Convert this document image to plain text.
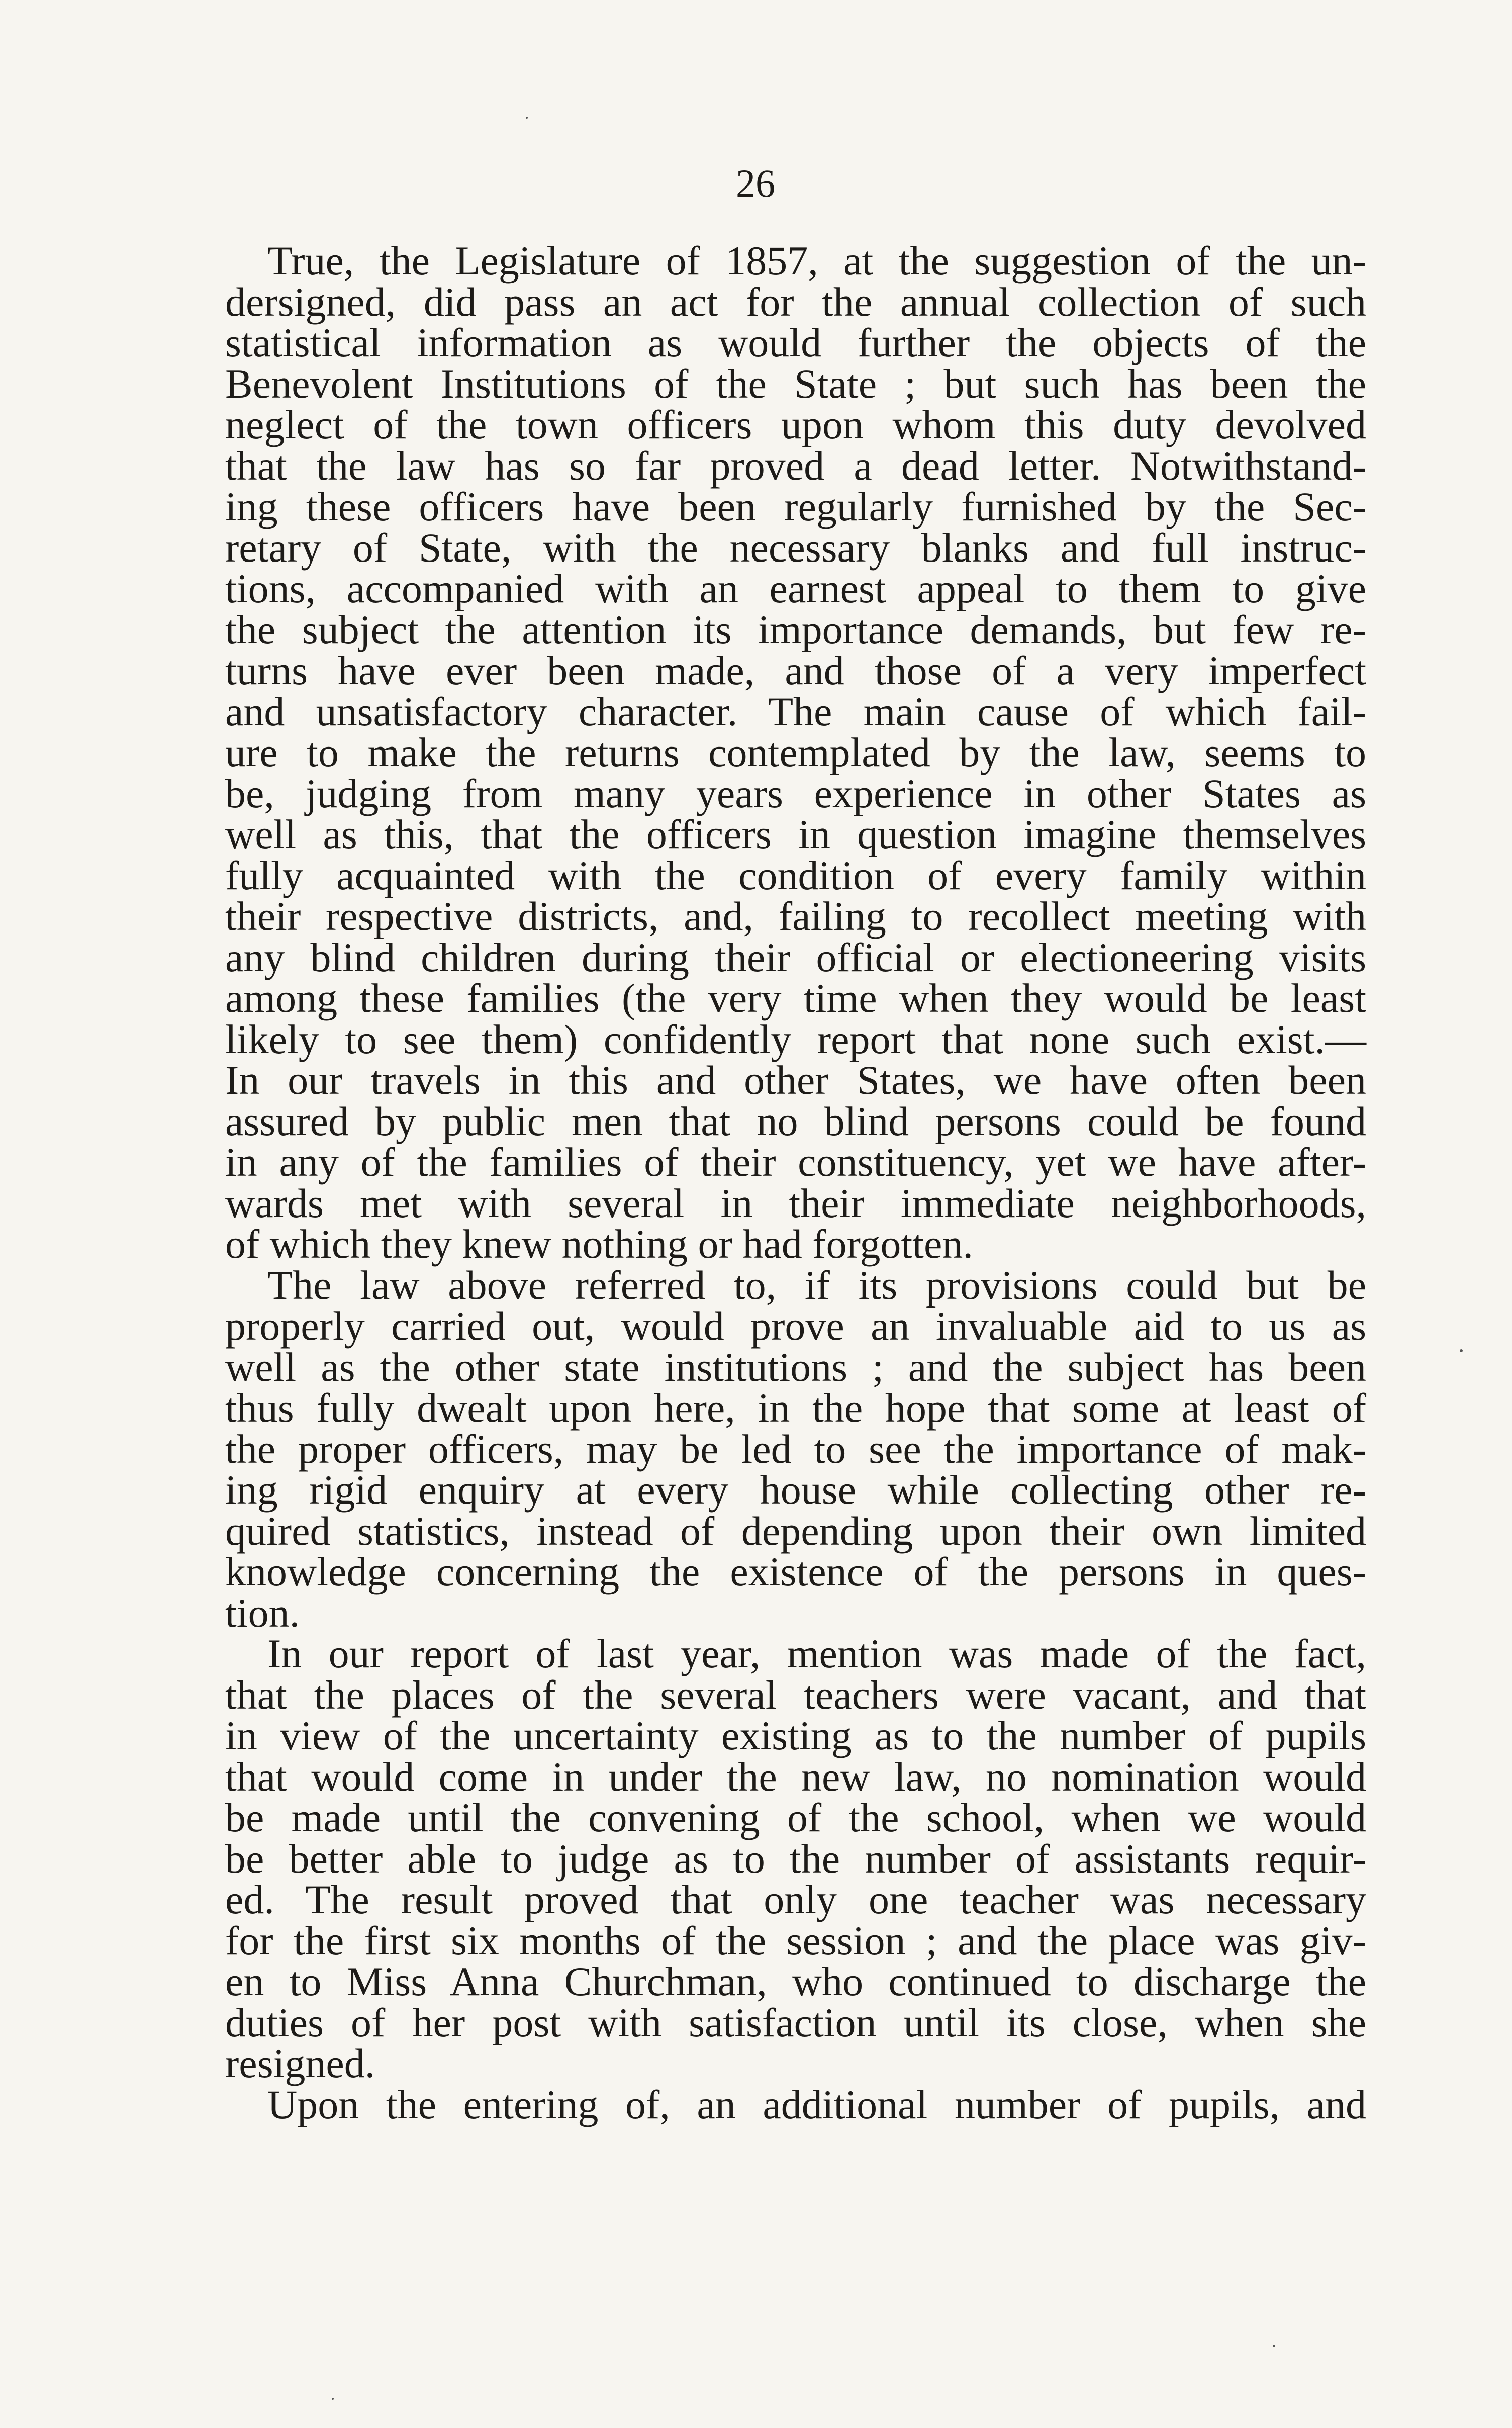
26
True, the Legislature of 1857, at the suggestion of the un-
dersigned, did pass an act for the annual collection of such
statistical information as would further the objects of the
Benevolent Institutions of the State ; but such has been the
neglect of the town officers upon whom this duty devolved
that the law has so far proved a dead letter. Notwithstand-
ing these officers have been regularly furnished by the Sec-
retary of State, with the necessary blanks and full instruc-
tions, accompanied with an earnest appeal to them to give
the subject the attention its importance demands, but few re-
turns have ever been made, and those of a very imperfect
and unsatisfactory character. The main cause of which fail-
ure to make the returns contemplated by the law, seems to
be, judging from many years experience in other States as
well as this, that the officers in question imagine themselves
fully acquainted with the condition of every family within
their respective districts, and, failing to recollect meeting with
any blind children during their official or electioneering visits
among these families (the very time when they would be least
likely to see them) confidently report that none such exist.—
In our travels in this and other States, we have often been
assured by public men that no blind persons could be found
in any of the families of their constituency, yet we have after-
wards met with several in their immediate neighborhoods,
of which they knew nothing or had forgotten.
The law above referred to, if its provisions could but be
properly carried out, would prove an invaluable aid to us as
well as the other state institutions ; and the subject has been
thus fully dwealt upon here, in the hope that some at least of
the proper officers, may be led to see the importance of mak-
ing rigid enquiry at every house while collecting other re-
quired statistics, instead of depending upon their own limited
knowledge concerning the existence of the persons in ques-
tion.
In our report of last year, mention was made of the fact,
that the places of the several teachers were vacant, and that
in view of the uncertainty existing as to the number of pupils
that would come in under the new law, no nomination would
be made until the convening of the school, when we would
be better able to judge as to the number of assistants requir-
ed. The result proved that only one teacher was necessary
for the first six months of the session ; and the place was giv-
en to Miss Anna Churchman, who continued to discharge the
duties of her post with satisfaction until its close, when she
resigned.
Upon the entering of, an additional number of pupils, and
